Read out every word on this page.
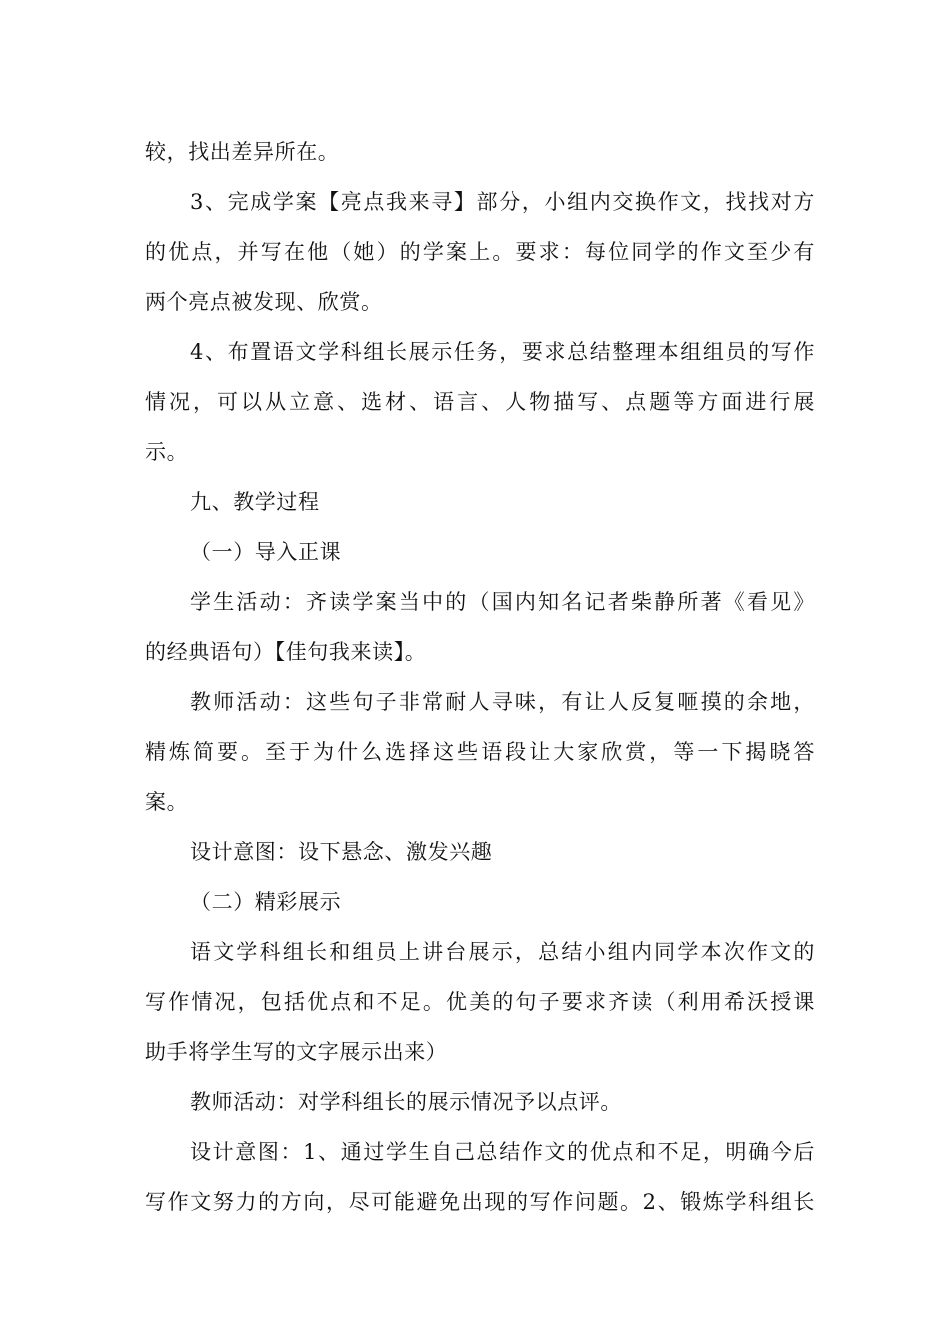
较，找出差异所在。
3、完成学案【亮点我来寻】部分，小组内交换作文，找找对方
的优点，并写在他（她）的学案上。要求：每位同学的作文至少有
两个亮点被发现、欣赏。
4、布置语文学科组长展示任务，要求总结整理本组组员的写作
情况，可以从立意、选材、语言、人物描写、点题等方面进行展
示。
九、教学过程
（一）导入正课
学生活动：齐读学案当中的（国内知名记者柴静所著《看见》
的经典语句）【佳句我来读】。
教师活动：这些句子非常耐人寻味，有让人反复咂摸的余地，
精炼简要。至于为什么选择这些语段让大家欣赏，等一下揭晓答
案。
设计意图：设下悬念、激发兴趣
（二）精彩展示
语文学科组长和组员上讲台展示，总结小组内同学本次作文的
写作情况，包括优点和不足。优美的句子要求齐读（利用希沃授课
助手将学生写的文字展示出来）
教师活动：对学科组长的展示情况予以点评。
设计意图：1、通过学生自己总结作文的优点和不足，明确今后
写作文努力的方向，尽可能避免出现的写作问题。2、锻炼学科组长
